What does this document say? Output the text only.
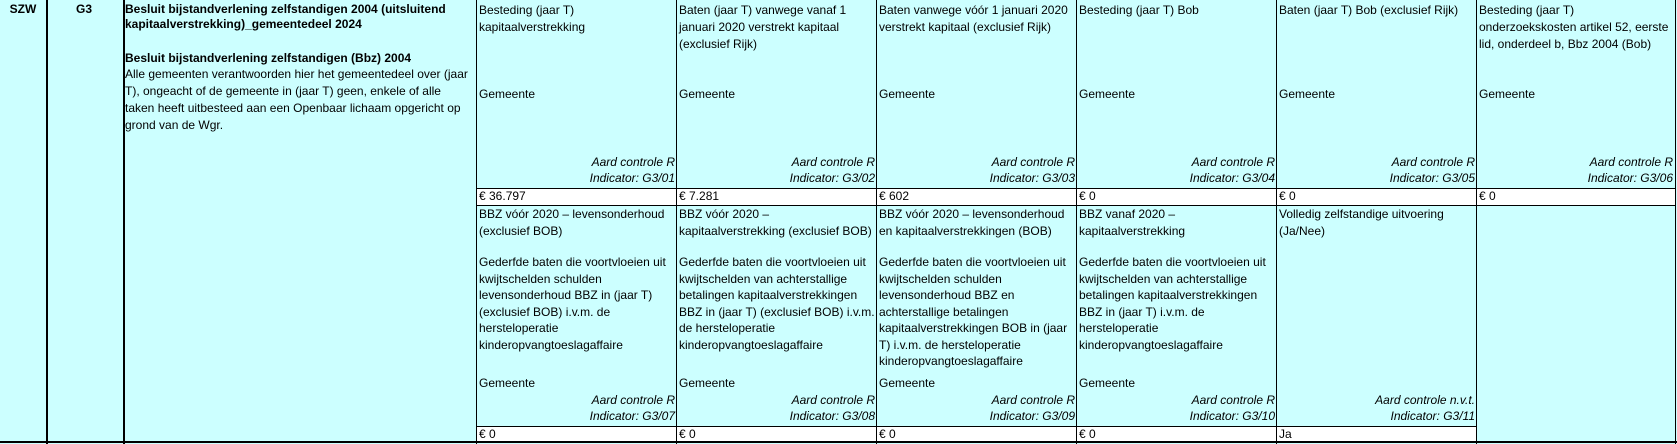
SZW	G3	Besluit bijstandverlening zelfstandigen 2004 (uitsluitend kapitaalverstrekking)_gemeentedeel 2024
Besluit bijstandverlening zelfstandigen (Bbz) 2004
Alle gemeenten verantwoorden hier het gemeentedeel over (jaar T), ongeacht of de gemeente in (jaar T) geen, enkele of alle taken heeft uitbesteed aan een Openbaar lichaam opgericht op grond van de Wgr.
Besteding (jaar T) kapitaalverstrekking
Gemeente
Aard controle R
Indicator: G3/01
€ 36.797
Baten (jaar T) vanwege vanaf 1 januari 2020 verstrekt kapitaal (exclusief Rijk)
Gemeente
Aard controle R
Indicator: G3/02
€ 7.281
Baten vanwege vóór 1 januari 2020 verstrekt kapitaal (exclusief Rijk)
Gemeente
Aard controle R
Indicator: G3/03
€ 602
Besteding (jaar T) Bob
Gemeente
Aard controle R
Indicator: G3/04
€ 0
Baten (jaar T) Bob (exclusief Rijk)
Gemeente
Aard controle R
Indicator: G3/05
€ 0
Besteding (jaar T) onderzoekskosten artikel 52, eerste lid, onderdeel b, Bbz 2004 (Bob)
Gemeente
Aard controle R
Indicator: G3/06
€ 0
BBZ vóór 2020 – levensonderhoud (exclusief BOB)
Gederfde baten die voortvloeien uit kwijtschelden schulden levensonderhoud BBZ in (jaar T) (exclusief BOB) i.v.m. de hersteloperatie kinderopvangtoeslagaffaire
Gemeente
Aard controle R
Indicator: G3/07
€ 0
BBZ vóór 2020 – kapitaalverstrekking (exclusief BOB)
Gederfde baten die voortvloeien uit kwijtschelden van achterstallige betalingen kapitaalverstrekkingen BBZ in (jaar T) (exclusief BOB) i.v.m. de hersteloperatie kinderopvangtoeslagaffaire
Gemeente
Aard controle R
Indicator: G3/08
€ 0
BBZ vóór 2020 – levensonderhoud en kapitaalverstrekkingen (BOB)
Gederfde baten die voortvloeien uit kwijtschelden schulden levensonderhoud BBZ en achterstallige betalingen kapitaalverstrekkingen BOB in (jaar T) i.v.m. de hersteloperatie kinderopvangtoeslagaffaire
Gemeente
Aard controle R
Indicator: G3/09
€ 0
BBZ vanaf 2020 – kapitaalverstrekking
Gederfde baten die voortvloeien uit kwijtschelden van achterstallige betalingen kapitaalverstrekkingen BBZ in (jaar T) i.v.m. de hersteloperatie kinderopvangtoeslagaffaire
Gemeente
Aard controle R
Indicator: G3/10
€ 0
Volledig zelfstandige uitvoering (Ja/Nee)
Aard controle n.v.t.
Indicator: G3/11
Ja
